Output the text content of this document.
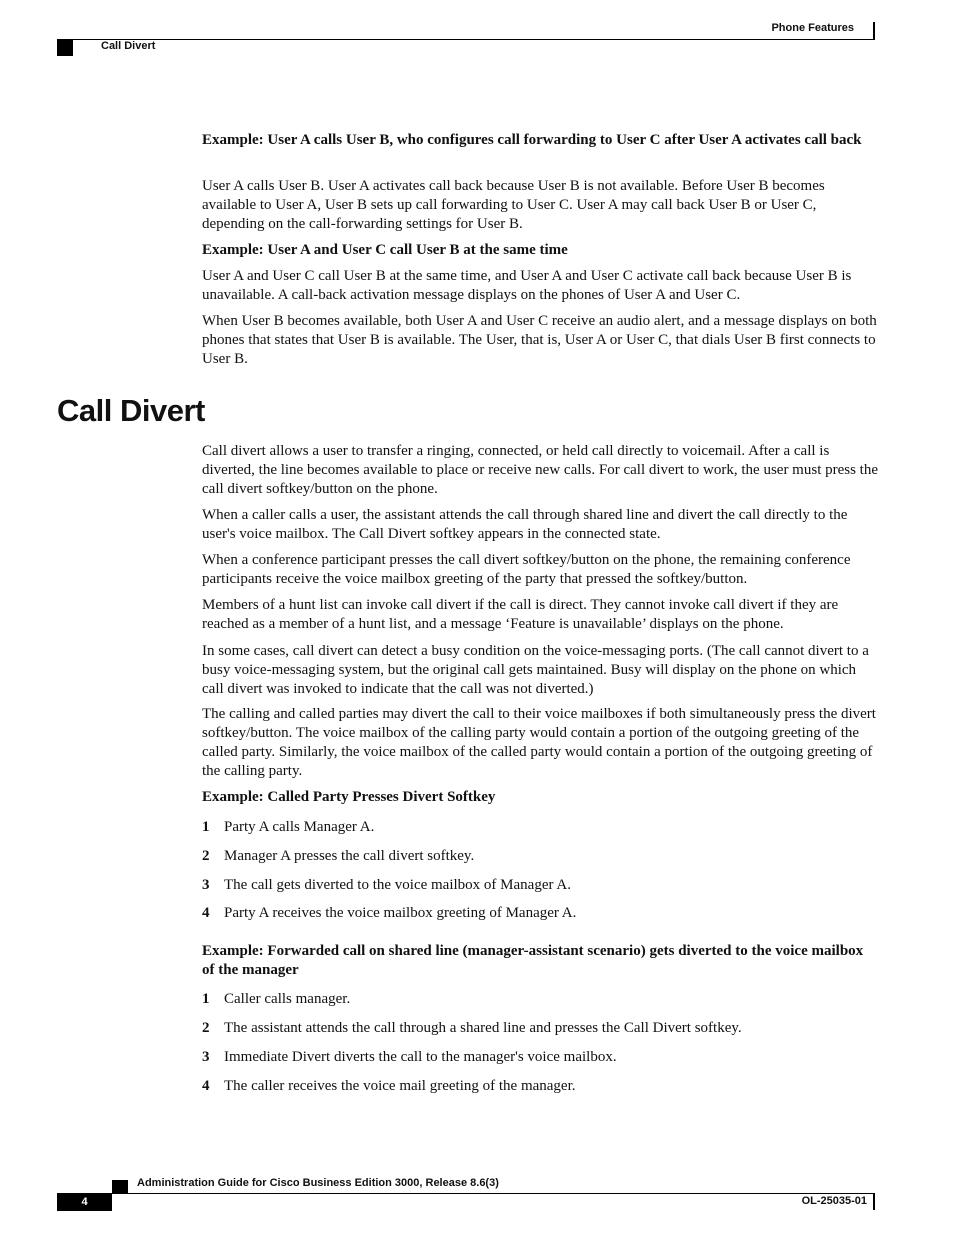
Phone Features
Call Divert

Example: User A calls User B, who configures call forwarding to User C after User A activates call back

User A calls User B. User A activates call back because User B is not available. Before User B becomes available to User A, User B sets up call forwarding to User C. User A may call back User B or User C, depending on the call-forwarding settings for User B.

Example: User A and User C call User B at the same time

User A and User C call User B at the same time, and User A and User C activate call back because User B is unavailable. A call-back activation message displays on the phones of User A and User C.

When User B becomes available, both User A and User C receive an audio alert, and a message displays on both phones that states that User B is available. The User, that is, User A or User C, that dials User B first connects to User B.

Call Divert
Call divert allows a user to transfer a ringing, connected, or held call directly to voicemail. After a call is diverted, the line becomes available to place or receive new calls. For call divert to work, the user must press the call divert softkey/button on the phone.
When a caller calls a user, the assistant attends the call through shared line and divert the call directly to the user's voice mailbox. The Call Divert softkey appears in the connected state.
When a conference participant presses the call divert softkey/button on the phone, the remaining conference participants receive the voice mailbox greeting of the party that pressed the softkey/button.
Members of a hunt list can invoke call divert if the call is direct. They cannot invoke call divert if they are reached as a member of a hunt list, and a message ‘Feature is unavailable’ displays on the phone.
In some cases, call divert can detect a busy condition on the voice-messaging ports. (The call cannot divert to a busy voice-messaging system, but the original call gets maintained. Busy will display on the phone on which call divert was invoked to indicate that the call was not diverted.)
The calling and called parties may divert the call to their voice mailboxes if both simultaneously press the divert softkey/button. The voice mailbox of the calling party would contain a portion of the outgoing greeting of the called party. Similarly, the voice mailbox of the called party would contain a portion of the outgoing greeting of the calling party.
Example: Called Party Presses Divert Softkey
1 Party A calls Manager A.
2 Manager A presses the call divert softkey.
3 The call gets diverted to the voice mailbox of Manager A.
4 Party A receives the voice mailbox greeting of Manager A.
Example: Forwarded call on shared line (manager-assistant scenario) gets diverted to the voice mailbox of the manager
1 Caller calls manager.
2 The assistant attends the call through a shared line and presses the Call Divert softkey.
3 Immediate Divert diverts the call to the manager's voice mailbox.
4 The caller receives the voice mail greeting of the manager.
Administration Guide for Cisco Business Edition 3000, Release 8.6(3)
4	OL-25035-01
